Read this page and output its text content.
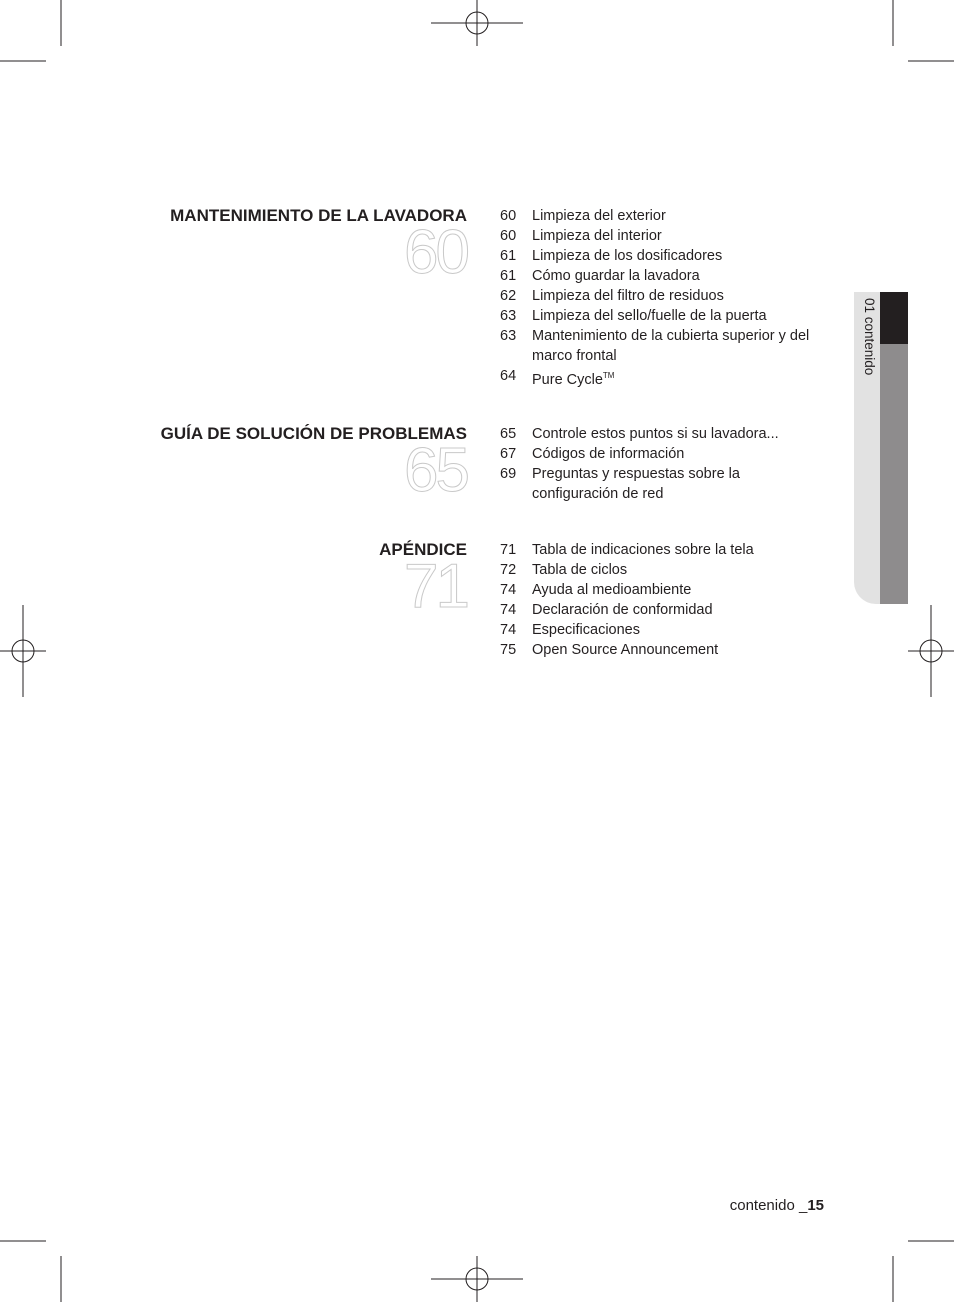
MANTENIMIENTO DE LA LAVADORA
60
60	Limpieza del exterior
60	Limpieza del interior
61	Limpieza de los dosificadores
61	Cómo guardar la lavadora
62	Limpieza del filtro de residuos
63	Limpieza del sello/fuelle de la puerta
63	Mantenimiento de la cubierta superior y del marco frontal
64	Pure Cycle™
GUÍA DE SOLUCIÓN DE PROBLEMAS
65
65	Controle estos puntos si su lavadora...
67	Códigos de información
69	Preguntas y respuestas sobre la configuración de red
APÉNDICE
71
71	Tabla de indicaciones sobre la tela
72	Tabla de ciclos
74	Ayuda al medioambiente
74	Declaración de conformidad
74	Especificaciones
75	Open Source Announcement
01 contenido
contenido _15
